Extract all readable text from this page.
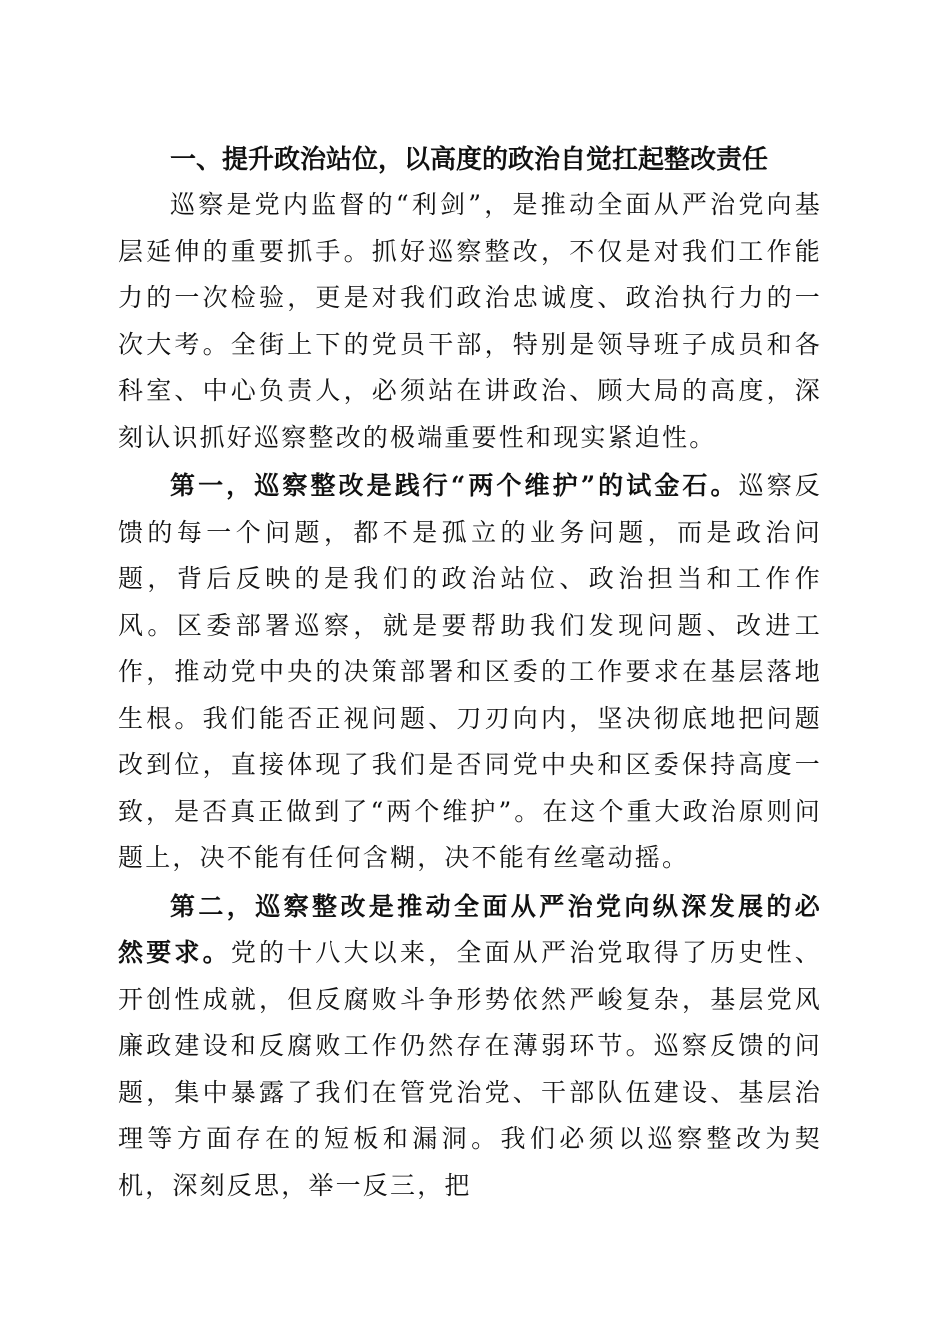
一、提升政治站位，以高度的政治自觉扛起整改责任

巡察是党内监督的“利剑”，是推动全面从严治党向基层延伸的重要抓手。抓好巡察整改，不仅是对我们工作能力的一次检验，更是对我们政治忠诚度、政治执行力的一次大考。全街上下的党员干部，特别是领导班子成员和各科室、中心负责人，必须站在讲政治、顾大局的高度，深刻认识抓好巡察整改的极端重要性和现实紧迫性。

第一，巡察整改是践行“两个维护”的试金石。巡察反馈的每一个问题，都不是孤立的业务问题，而是政治问题，背后反映的是我们的政治站位、政治担当和工作作风。区委部署巡察，就是要帮助我们发现问题、改进工作，推动党中央的决策部署和区委的工作要求在基层落地生根。我们能否正视问题、刀刃向内，坚决彻底地把问题改到位，直接体现了我们是否同党中央和区委保持高度一致，是否真正做到了“两个维护”。在这个重大政治原则问题上，决不能有任何含糊，决不能有丝毫动摇。

第二，巡察整改是推动全面从严治党向纵深发展的必然要求。党的十八大以来，全面从严治党取得了历史性、开创性成就，但反腐败斗争形势依然严峻复杂，基层党风廉政建设和反腐败工作仍然存在薄弱环节。巡察反馈的问题，集中暴露了我们在管党治党、干部队伍建设、基层治理等方面存在的短板和漏洞。我们必须以巡察整改为契机，深刻反思，举一反三，把
